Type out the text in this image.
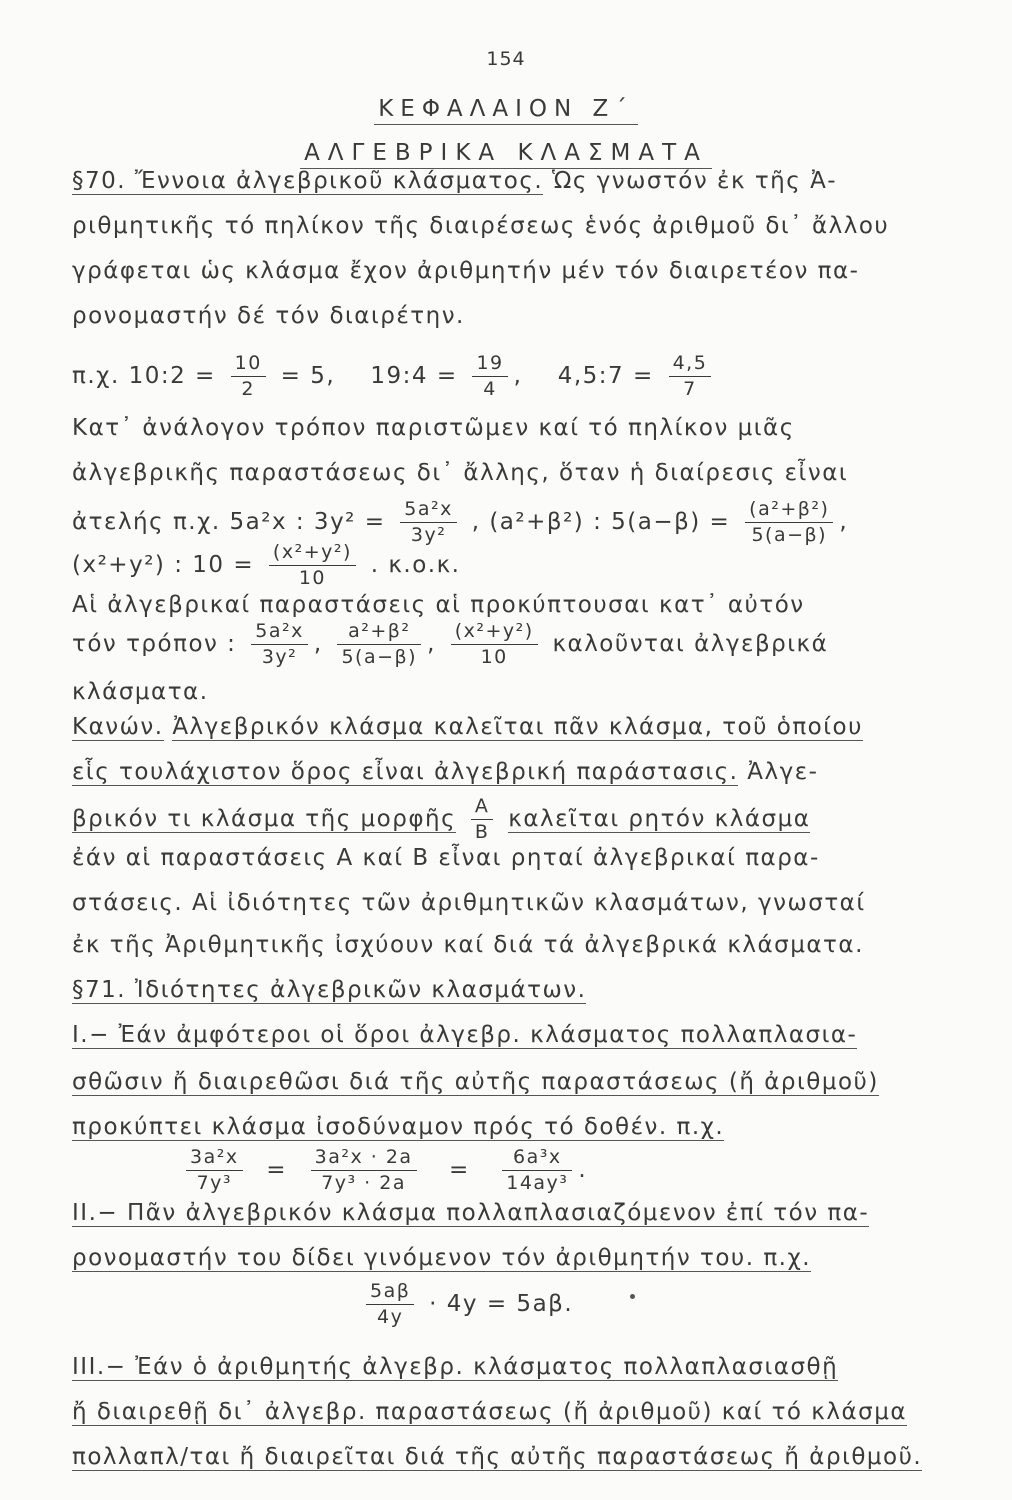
154
ΚΕΦΑΛΑΙΟΝ Ζ΄
ΑΛΓΕΒΡΙΚΑ ΚΛΑΣΜΑΤΑ
§70. Ἔννοια ἀλγεβρικοῦ κλάσματος. Ὡς γνωστόν ἐκ τῆς Ἀ-
ριθμητικῆς τό πηλίκον τῆς διαιρέσεως ἑνός ἀριθμοῦ δι᾿ ἄλλου
γράφεται ὡς κλάσμα ἔχον ἀριθμητήν μέν τόν διαιρετέον πα-
ρονομαστήν δέ τόν διαιρέτην.
π.χ. 10:2 = $\frac{10}{2} = 5$, 19:4 = $\frac{19}{4}$ ,    4,5:7 = $\frac{4,5}{7}$
Κατ᾿ ἀνάλογον τρόπον παριστῶμεν καί τό πηλίκον μιᾶς
ἀλγεβρικῆς παραστάσεως δι᾿ ἄλλης, ὅταν ἡ διαίρεσις εἶναι
ἀτελής π.χ. 5a²x : $3y^2 = \frac{\text{5a²x}}{\text{3y²}}$ , (a²+β²) : $5(a-\beta) = \frac{\text{(a²+β²)}}{5(a-\beta)}$ ,
(x²+y²) : $10 = \frac{\text{(x²+y²)}}{10}$ . κ.ο.κ.
Αἱ ἀλγεβρικαί παραστάσεις αἱ προκύπτουσαι κατ᾿ αὐτόν
τόν τρόπον : $\frac{\text{5a²x}}{\text{3y²}}$ , $\frac{\text{a²+β²}}{5(a-\beta)}$ , $\frac{\text{(x²+y²)}}{10}$ καλοῦνται ἀλγεβρικά
κλάσματα.
Κανών. Ἀλγεβρικόν κλάσμα καλεῖται πᾶν κλάσμα, τοῦ ὁποίου
εἷς τουλάχιστον ὅρος εἶναι ἀλγεβρική παράστασις. Ἀλγε-
βρικόν τι κλάσμα τῆς μορφῆς $\frac{A}{B}$ καλεῖται ρητόν κλάσμα
ἐάν αἱ παραστάσεις Α καί Β εἶναι ρηταί ἀλγεβρικαί παρα-
στάσεις. Αἱ ἰδιότητες τῶν ἀριθμητικῶν κλασμάτων, γνωσταί
ἐκ τῆς Ἀριθμητικῆς ἰσχύουν καί διά τά ἀλγεβρικά κλάσματα.
§71. Ἰδιότητες ἀλγεβρικῶν κλασμάτων.
Ι.− Ἐάν ἀμφότεροι οἱ ὅροι ἀλγεβρ. κλάσματος πολλαπλασια-
σθῶσιν ἤ διαιρεθῶσι διά τῆς αὐτῆς παραστάσεως (ἤ ἀριθμοῦ)
προκύπτει κλάσμα ἰσοδύναμον πρός τό δοθέν. π.χ.
$\frac{\text{3a²x}}{\text{7y³}} = \frac{\text{3a²x · 2a}}{\text{7y³ · 2a}} = \frac{\text{6a³x}}{\text{14ay³}}$ .
ΙΙ.− Πᾶν ἀλγεβρικόν κλάσμα πολλαπλασιαζόμενον ἐπί τόν πα-
ρονομαστήν του δίδει γινόμενον τόν ἀριθμητήν του. π.χ.
$\frac{5a\beta}{4y} \cdot 4y = 5a\beta$.
ΙΙΙ.− Ἐάν ὁ ἀριθμητής ἀλγεβρ. κλάσματος πολλαπλασιασθῇ
ἤ διαιρεθῇ δι᾿ ἀλγεβρ. παραστάσεως (ἤ ἀριθμοῦ) καί τό κλάσμα
πολλαπλ/ται ἤ διαιρεῖται διά τῆς αὐτῆς παραστάσεως ἤ ἀριθμοῦ.
